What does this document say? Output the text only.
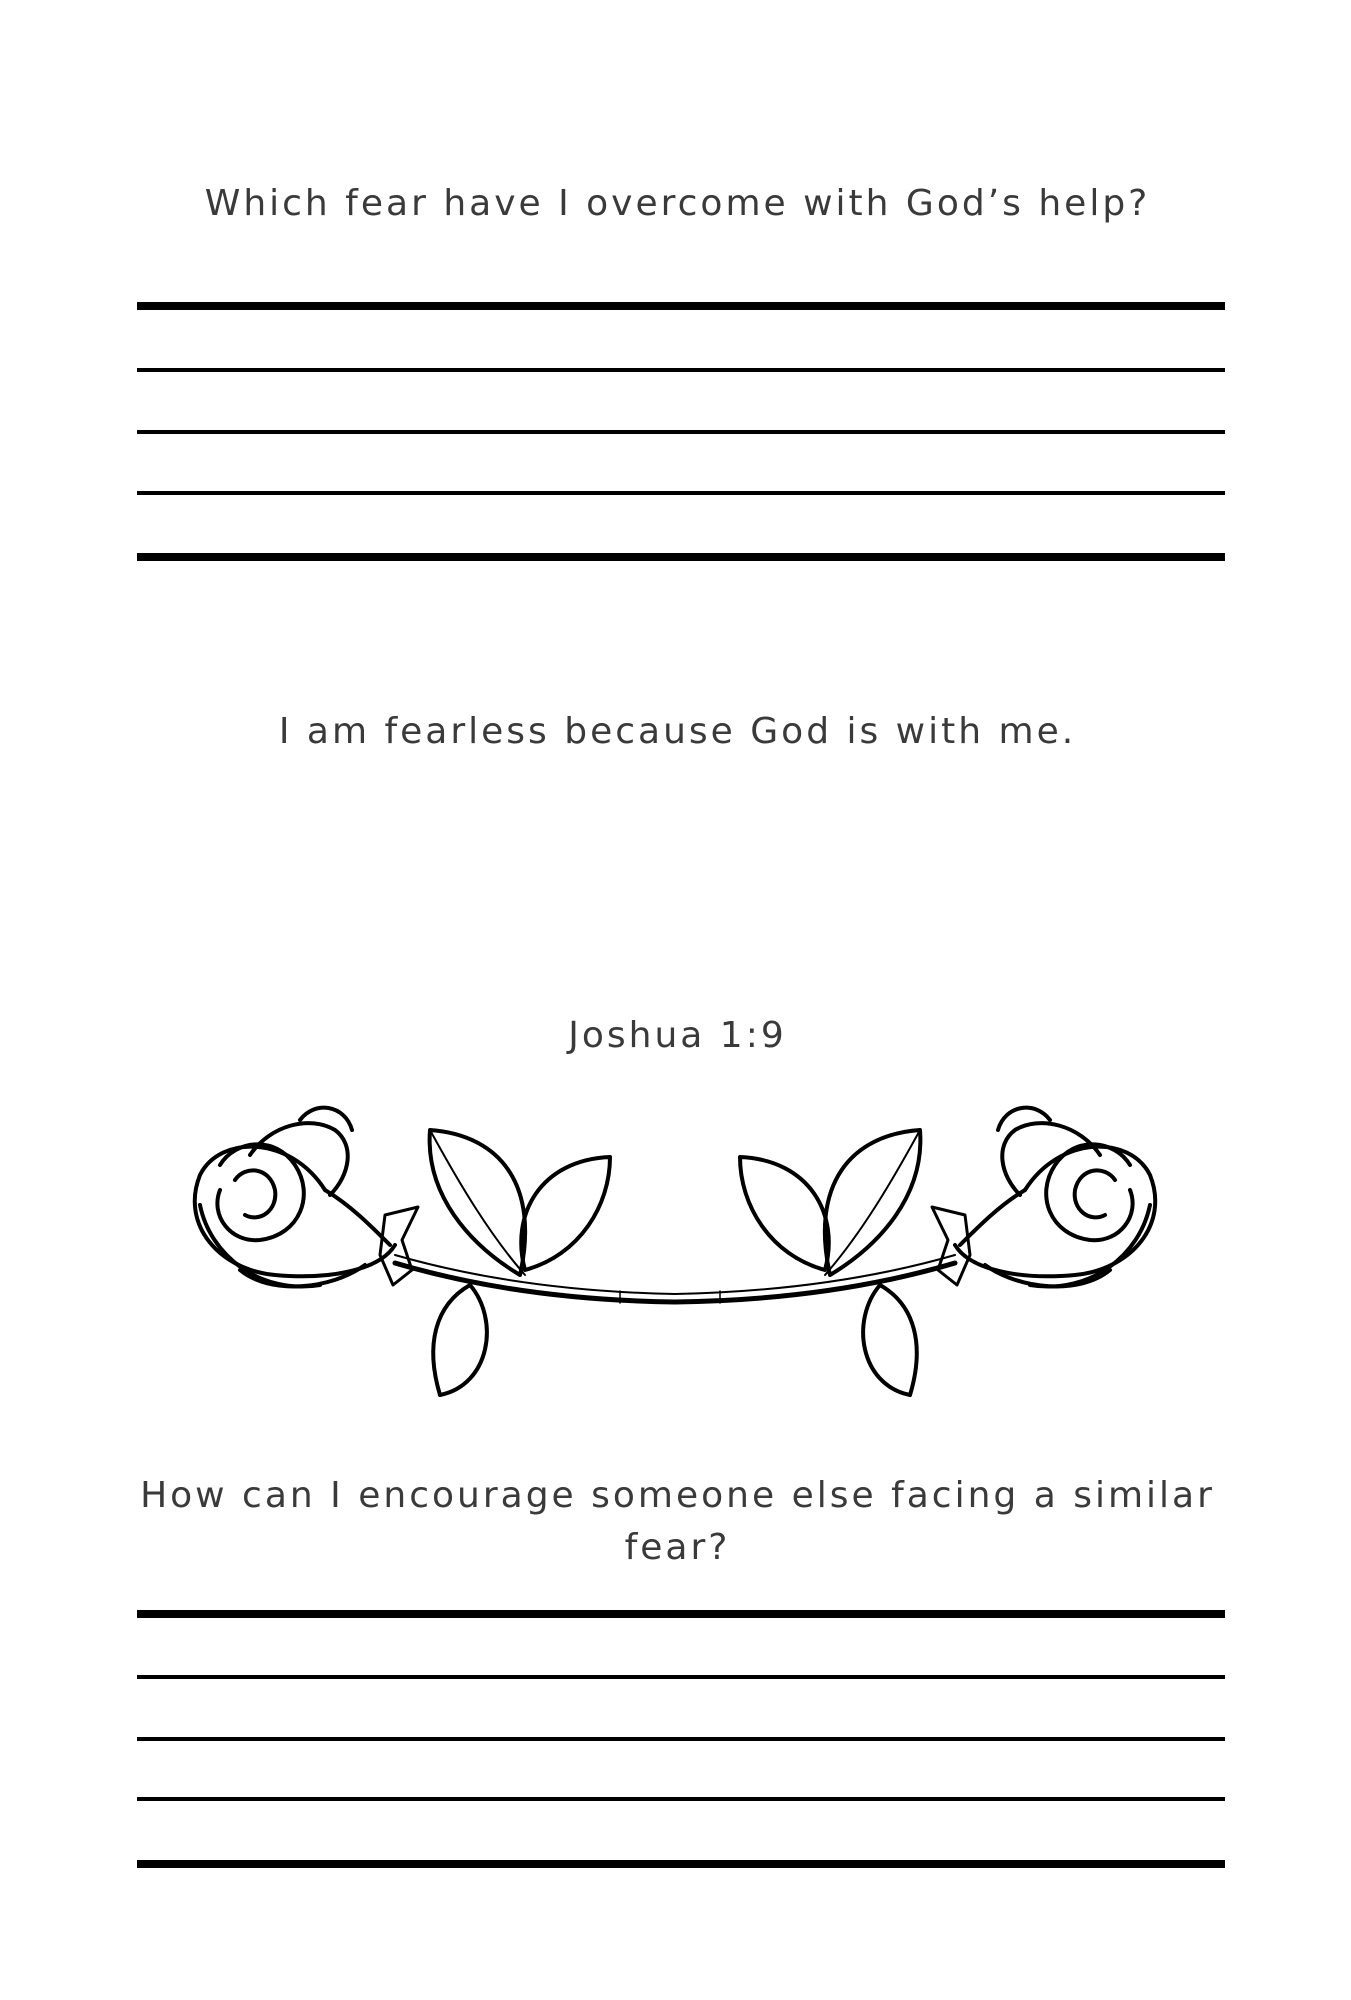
Which fear have I overcome with God’s help?
I am fearless because God is with me.
Joshua 1:9
How can I encourage someone else facing a similar fear?
